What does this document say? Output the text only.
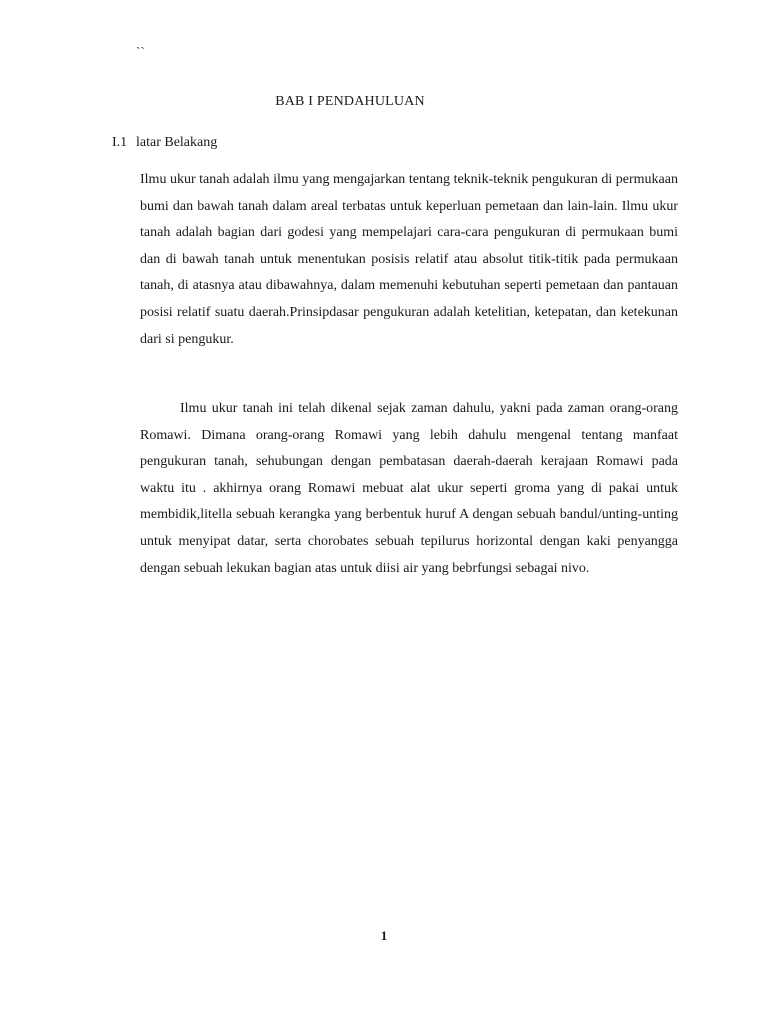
``
BAB I PENDAHULUAN
I.1 latar Belakang

Ilmu ukur tanah adalah ilmu yang mengajarkan tentang teknik-teknik pengukuran di permukaan bumi dan bawah tanah dalam areal terbatas untuk keperluan pemetaan dan lain-lain. Ilmu ukur tanah adalah bagian dari godesi yang mempelajari cara-cara pengukuran di permukaan bumi dan di bawah tanah untuk menentukan posisis relatif atau absolut titik-titik pada permukaan tanah, di atasnya atau dibawahnya, dalam memenuhi kebutuhan seperti pemetaan dan pantauan posisi relatif suatu daerah.Prinsipdasar pengukuran adalah ketelitian, ketepatan, dan ketekunan dari si pengukur.

Ilmu ukur tanah ini telah dikenal sejak zaman dahulu, yakni pada zaman orang-orang Romawi. Dimana orang-orang Romawi yang lebih dahulu mengenal tentang manfaat pengukuran tanah, sehubungan dengan pembatasan daerah-daerah kerajaan Romawi pada waktu itu . akhirnya orang Romawi mebuat alat ukur seperti groma yang di pakai untuk membidik,litella sebuah kerangka yang berbentuk huruf A dengan sebuah bandul/unting-unting untuk menyipat datar, serta chorobates sebuah tepilurus horizontal dengan kaki penyangga dengan sebuah lekukan bagian atas untuk diisi air yang bebrfungsi sebagai nivo.

1
